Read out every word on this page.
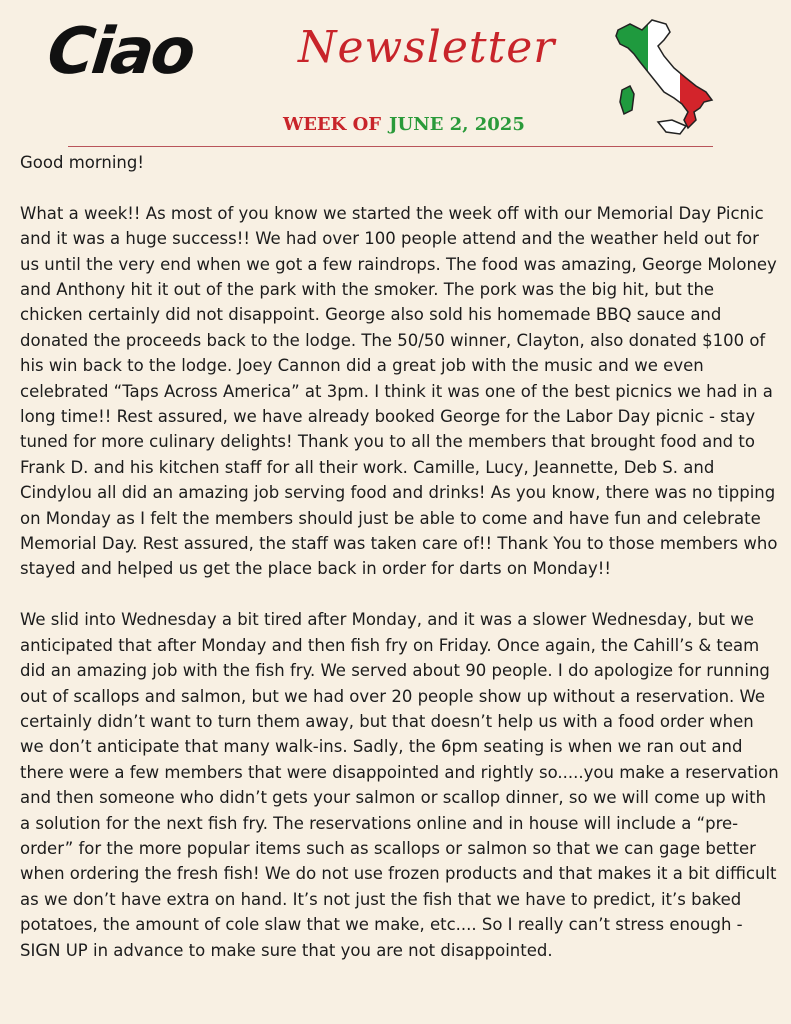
Ciao Newsletter
WEEK OF JUNE 2, 2025

Good morning!

What a week!! As most of you know we started the week off with our Memorial Day Picnic and it was a huge success!! We had over 100 people attend and the weather held out for us until the very end when we got a few raindrops. The food was amazing, George Moloney and Anthony hit it out of the park with the smoker. The pork was the big hit, but the chicken certainly did not disappoint. George also sold his homemade BBQ sauce and donated the proceeds back to the lodge. The 50/50 winner, Clayton, also donated $100 of his win back to the lodge. Joey Cannon did a great job with the music and we even celebrated “Taps Across America” at 3pm. I think it was one of the best picnics we had in a long time!! Rest assured, we have already booked George for the Labor Day picnic - stay tuned for more culinary delights! Thank you to all the members that brought food and to Frank D. and his kitchen staff for all their work. Camille, Lucy, Jeannette, Deb S. and Cindylou all did an amazing job serving food and drinks! As you know, there was no tipping on Monday as I felt the members should just be able to come and have fun and celebrate Memorial Day. Rest assured, the staff was taken care of!! Thank You to those members who stayed and helped us get the place back in order for darts on Monday!!

We slid into Wednesday a bit tired after Monday, and it was a slower Wednesday, but we anticipated that after Monday and then fish fry on Friday. Once again, the Cahill’s & team did an amazing job with the fish fry. We served about 90 people. I do apologize for running out of scallops and salmon, but we had over 20 people show up without a reservation. We certainly didn’t want to turn them away, but that doesn’t help us with a food order when we don’t anticipate that many walk-ins. Sadly, the 6pm seating is when we ran out and there were a few members that were disappointed and rightly so.....you make a reservation and then someone who didn’t gets your salmon or scallop dinner, so we will come up with a solution for the next fish fry. The reservations online and in house will include a “pre-order” for the more popular items such as scallops or salmon so that we can gage better when ordering the fresh fish! We do not use frozen products and that makes it a bit difficult as we don’t have extra on hand. It’s not just the fish that we have to predict, it’s baked potatoes, the amount of cole slaw that we make, etc.... So I really can’t stress enough - SIGN UP in advance to make sure that you are not disappointed.
